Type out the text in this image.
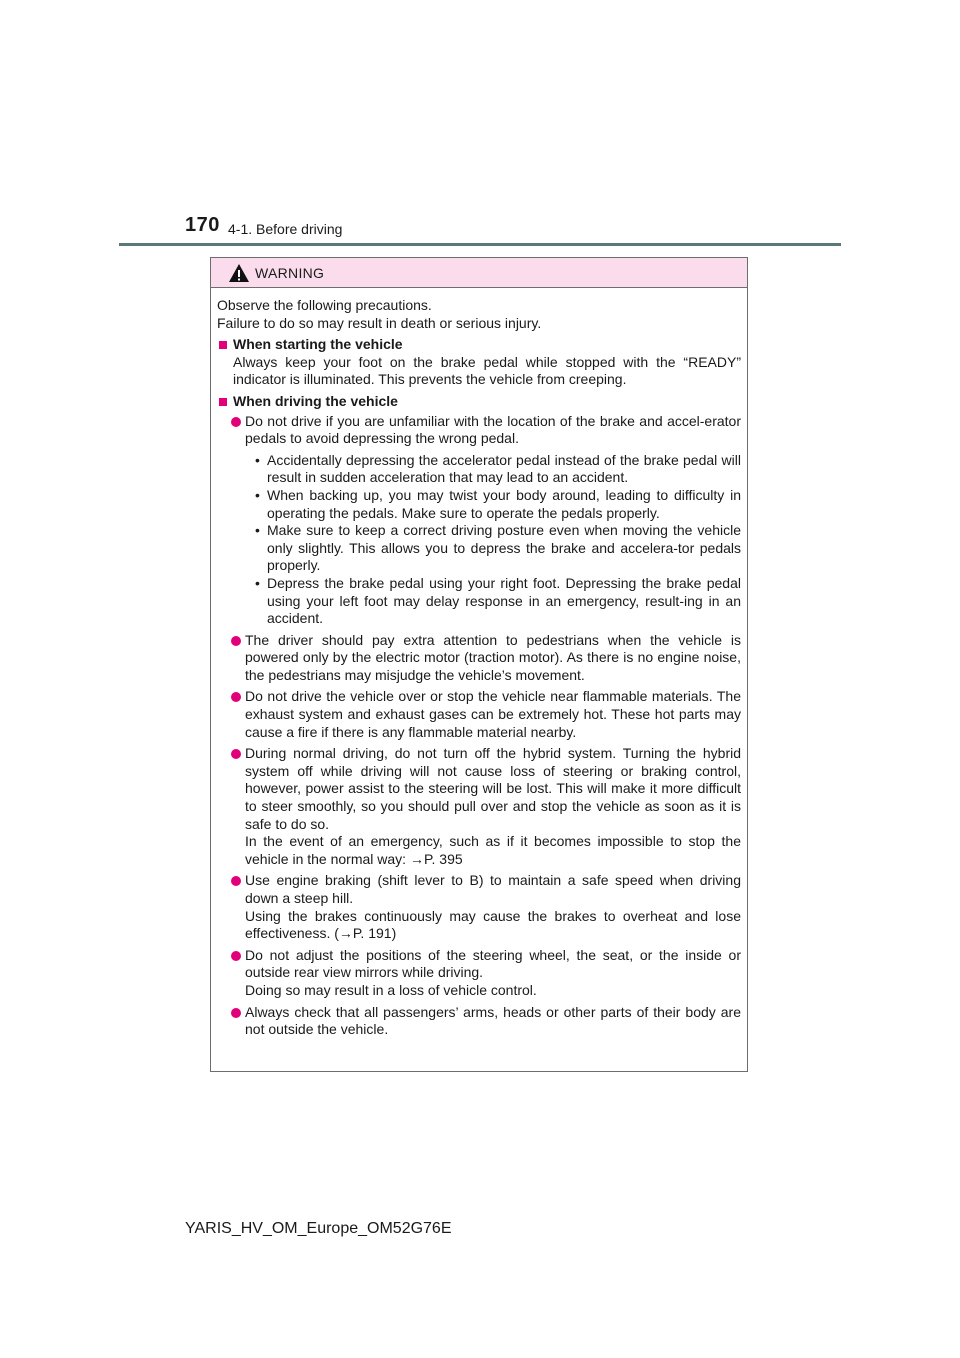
170 4-1. Before driving
WARNING

Observe the following precautions.

Failure to do so may result in death or serious injury.

When starting the vehicle

Always keep your foot on the brake pedal while stopped with the “READY” indicator is illuminated. This prevents the vehicle from creeping.

When driving the vehicle

Do not drive if you are unfamiliar with the location of the brake and accel-erator pedals to avoid depressing the wrong pedal.

• Accidentally depressing the accelerator pedal instead of the brake pedal will result in sudden acceleration that may lead to an accident.

• When backing up, you may twist your body around, leading to difficulty in operating the pedals. Make sure to operate the pedals properly.

• Make sure to keep a correct driving posture even when moving the vehicle only slightly. This allows you to depress the brake and accelera-tor pedals properly.

• Depress the brake pedal using your right foot. Depressing the brake pedal using your left foot may delay response in an emergency, result-ing in an accident.

The driver should pay extra attention to pedestrians when the vehicle is powered only by the electric motor (traction motor). As there is no engine noise, the pedestrians may misjudge the vehicle’s movement.

Do not drive the vehicle over or stop the vehicle near flammable materials. The exhaust system and exhaust gases can be extremely hot. These hot parts may cause a fire if there is any flammable material nearby.

During normal driving, do not turn off the hybrid system. Turning the hybrid system off while driving will not cause loss of steering or braking control, however, power assist to the steering will be lost. This will make it more difficult to steer smoothly, so you should pull over and stop the vehicle as soon as it is safe to do so.

In the event of an emergency, such as if it becomes impossible to stop the vehicle in the normal way: →P. 395

Use engine braking (shift lever to B) to maintain a safe speed when driving down a steep hill.

Using the brakes continuously may cause the brakes to overheat and lose effectiveness. (→P. 191)

Do not adjust the positions of the steering wheel, the seat, or the inside or outside rear view mirrors while driving.

Doing so may result in a loss of vehicle control.

Always check that all passengers’ arms, heads or other parts of their body are not outside the vehicle.

YARIS_HV_OM_Europe_OM52G76E
